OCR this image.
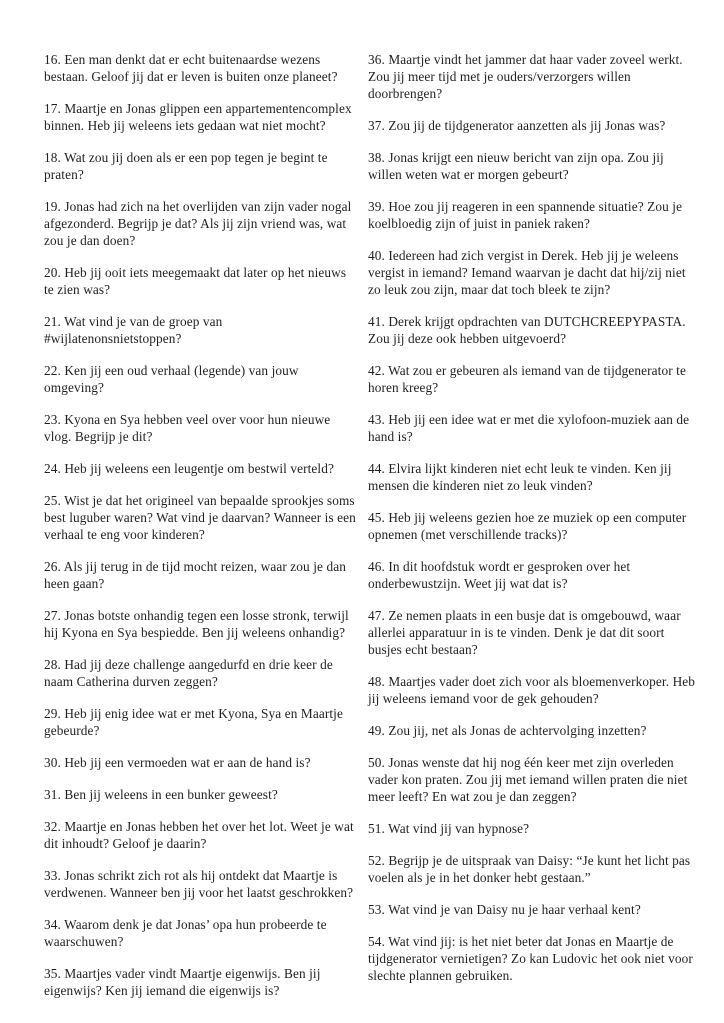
16. Een man denkt dat er echt buitenaardse wezens bestaan. Geloof jij dat er leven is buiten onze planeet?

17. Maartje en Jonas glippen een appartementencomplex binnen. Heb jij weleens iets gedaan wat niet mocht?

18. Wat zou jij doen als er een pop tegen je begint te praten?

19. Jonas had zich na het overlijden van zijn vader nogal afgezonderd. Begrijp je dat? Als jij zijn vriend was, wat zou je dan doen?

20. Heb jij ooit iets meegemaakt dat later op het nieuws te zien was?

21. Wat vind je van de groep van #wijlatenonsnietstoppen?

22. Ken jij een oud verhaal (legende) van jouw omgeving?

23. Kyona en Sya hebben veel over voor hun nieuwe vlog. Begrijp je dit?

24. Heb jij weleens een leugentje om bestwil verteld?

25. Wist je dat het origineel van bepaalde sprookjes soms best luguber waren? Wat vind je daarvan? Wanneer is een verhaal te eng voor kinderen?

26. Als jij terug in de tijd mocht reizen, waar zou je dan heen gaan?

27. Jonas botste onhandig tegen een losse stronk, terwijl hij Kyona en Sya bespiedde. Ben jij weleens onhandig?

28. Had jij deze challenge aangedurfd en drie keer de naam Catherina durven zeggen?

29. Heb jij enig idee wat er met Kyona, Sya en Maartje gebeurde?

30. Heb jij een vermoeden wat er aan de hand is?

31. Ben jij weleens in een bunker geweest?

32. Maartje en Jonas hebben het over het lot. Weet je wat dit inhoudt? Geloof je daarin?

33. Jonas schrikt zich rot als hij ontdekt dat Maartje is verdwenen. Wanneer ben jij voor het laatst geschrokken?

34. Waarom denk je dat Jonas’ opa hun probeerde te waarschuwen?

35. Maartjes vader vindt Maartje eigenwijs. Ben jij eigenwijs? Ken jij iemand die eigenwijs is?

36. Maartje vindt het jammer dat haar vader zoveel werkt. Zou jij meer tijd met je ouders/verzorgers willen doorbrengen?

37. Zou jij de tijdgenerator aanzetten als jij Jonas was?

38. Jonas krijgt een nieuw bericht van zijn opa. Zou jij willen weten wat er morgen gebeurt?

39. Hoe zou jij reageren in een spannende situatie? Zou je koelbloedig zijn of juist in paniek raken?

40. Iedereen had zich vergist in Derek. Heb jij je weleens vergist in iemand? Iemand waarvan je dacht dat hij/zij niet zo leuk zou zijn, maar dat toch bleek te zijn?

41. Derek krijgt opdrachten van DUTCHCREEPYPASTA. Zou jij deze ook hebben uitgevoerd?

42. Wat zou er gebeuren als iemand van de tijdgenerator te horen kreeg?

43. Heb jij een idee wat er met die xylofoon-muziek aan de hand is?

44. Elvira lijkt kinderen niet echt leuk te vinden. Ken jij mensen die kinderen niet zo leuk vinden?

45. Heb jij weleens gezien hoe ze muziek op een computer opnemen (met verschillende tracks)?

46. In dit hoofdstuk wordt er gesproken over het onderbewustzijn. Weet jij wat dat is?

47. Ze nemen plaats in een busje dat is omgebouwd, waar allerlei apparatuur in is te vinden. Denk je dat dit soort busjes echt bestaan?

48. Maartjes vader doet zich voor als bloemenverkoper. Heb jij weleens iemand voor de gek gehouden?

49. Zou jij, net als Jonas de achtervolging inzetten?

50. Jonas wenste dat hij nog één keer met zijn overleden vader kon praten. Zou jij met iemand willen praten die niet meer leeft? En wat zou je dan zeggen?

51. Wat vind jij van hypnose?

52. Begrijp je de uitspraak van Daisy: “Je kunt het licht pas voelen als je in het donker hebt gestaan.”

53. Wat vind je van Daisy nu je haar verhaal kent?

54. Wat vind jij: is het niet beter dat Jonas en Maartje de tijdgenerator vernietigen? Zo kan Ludovic het ook niet voor slechte plannen gebruiken.
